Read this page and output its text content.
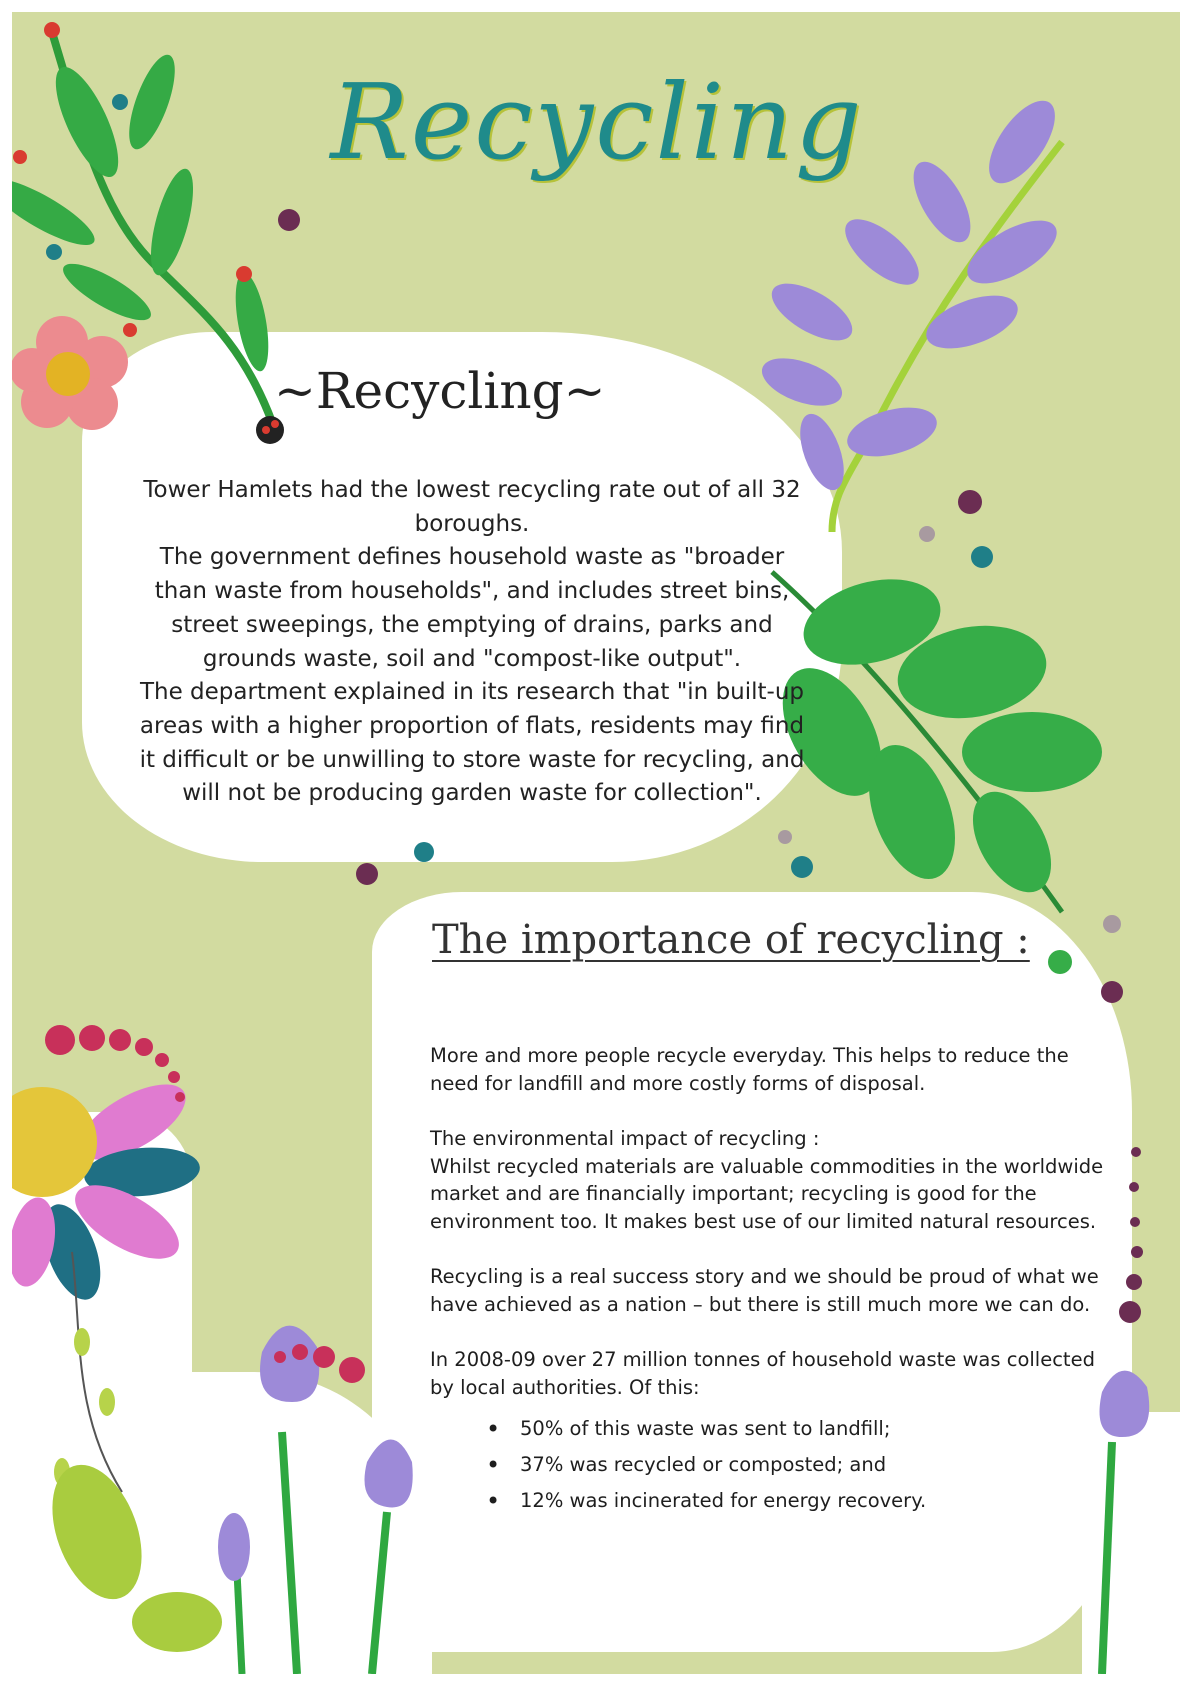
Recycling
~Recycling~

Tower Hamlets had the lowest recycling rate out of all 32 boroughs.

The government defines household waste as "broader than waste from households", and includes street bins, street sweepings, the emptying of drains, parks and grounds waste, soil and "compost-like output".

The department explained in its research that "in built-up areas with a higher proportion of flats, residents may find it difficult or be unwilling to store waste for recycling, and will not be producing garden waste for collection".

The importance of recycling :

More and more people recycle everyday. This helps to reduce the need for landfill and more costly forms of disposal.

The environmental impact of recycling :

Whilst recycled materials are valuable commodities in the worldwide market and are financially important; recycling is good for the environment too. It makes best use of our limited natural resources.

Recycling is a real success story and we should be proud of what we have achieved as a nation – but there is still much more we can do.

In 2008-09 over 27 million tonnes of household waste was collected by local authorities. Of this:

• 50% of this waste was sent to landfill;
• 37% was recycled or composted; and
• 12% was incinerated for energy recovery.
